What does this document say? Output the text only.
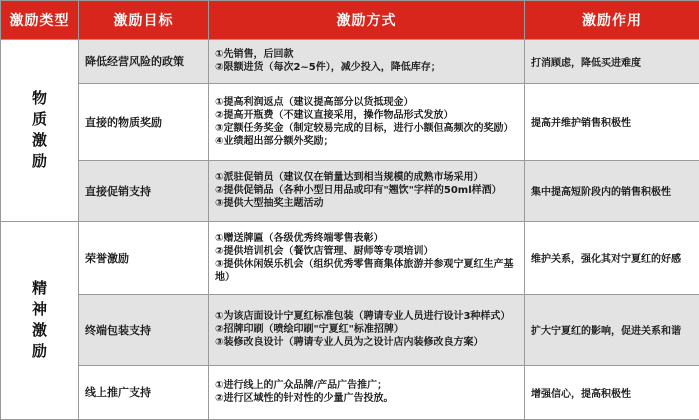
激励类型	激励目标	激励方式	激励作用
物质激励	降低经营风险的政策	①先销售，后回款
②限额进货（每次2~5件），减少投入，降低库存；	打消顾虑，降低买进难度
	直接的物质奖励	①提高利润返点（建议提高部分以货抵现金）
②提高开瓶费（不建议直接采用，操作物品形式发放）
③定额任务奖金（制定较易完成的目标，进行小额但高频次的奖励）
④业绩超出部分额外奖励；	提高并维护销售积极性
	直接促销支持	①派驻促销员（建议仅在销量达到相当规模的成熟市场采用）
②提供促销品（各种小型日用品或印有"翘饮"字样的50ml样酒）
③提供大型抽奖主题活动	集中提高短阶段内的销售积极性
精神激励	荣誉激励	①赠送牌匾（各级优秀终端零售表彰）
②提供培训机会（餐饮店管理、厨师等专项培训）
③提供休闲娱乐机会（组织优秀零售商集体旅游并参观宁夏红生产基地）	维护关系，强化其对宁夏红的好感
	终端包装支持	①为该店面设计宁夏红标准包装（聘请专业人员进行设计3种样式）
②招牌印刷（喷绘印刷"宁夏红"标准招牌）
③装修改良设计（聘请专业人员为之设计店内装修改良方案）	扩大宁夏红的影响，促进关系和谐
	线上推广支持	①进行线上的广众品牌/产品广告推广；
②进行区域性的针对性的少量广告投放。	增强信心，提高积极性
